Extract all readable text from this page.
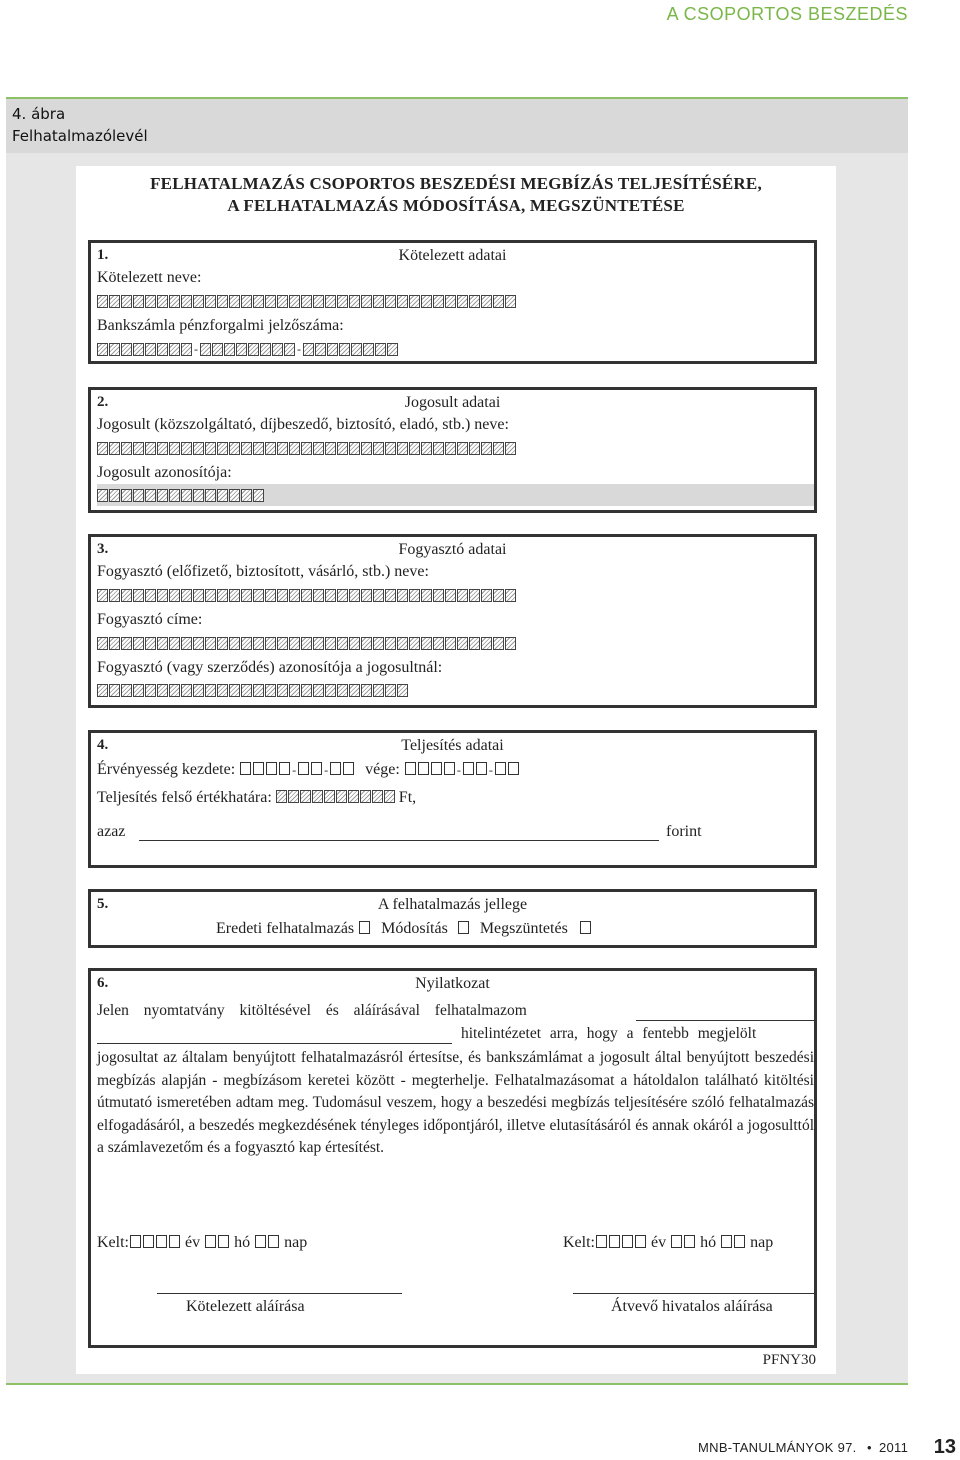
A CSOPORTOS BESZEDÉS
4. ábra
Felhatalmazólevél
FELHATALMAZÁS CSOPORTOS BESZEDÉSI MEGBÍZÁS TELJESÍTÉSÉRE,
A FELHATALMAZÁS MÓDOSÍTÁSA, MEGSZÜNTETÉSE
1.	Kötelezett adatai
Kötelezett neve:
Bankszámla pénzforgalmi jelzőszáma:
-	-
2.	Jogosult adatai
Jogosult (közszolgáltató, díjbeszedő, biztosító, eladó, stb.) neve:
Jogosult azonosítója:
3.	Fogyasztó adatai
Fogyasztó (előfizető, biztosított, vásárló, stb.) neve:
Fogyasztó címe:
Fogyasztó (vagy szerződés) azonosítója a jogosultnál:
4.	Teljesítés adatai
Érvényesség kezdete:	- - vége:	- -
Teljesítés felső értékhatára:	Ft,
azaz	forint
5.	A felhatalmazás jellege
Eredeti felhatalmazás Módosítás Megszüntetés
6.	Nyilatkozat
Jelen nyomtatvány kitöltésével és aláírásával felhatalmazom
hitelintézetet arra, hogy a fentebb megjelölt
jogosultat az általam benyújtott felhatalmazásról értesítse, és bankszámlámat a jogosult által benyújtott beszedési megbízás alapján - megbízásom keretei között - megterhelje. Felhatalmazásomat a hátoldalon található kitöltési útmutató ismeretében adtam meg. Tudomásul veszem, hogy a beszedési megbízás teljesítésére szóló felhatalmazás elfogadásáról, a beszedés megkezdésének tényleges időpontjáról, illetve elutasításáról és annak okáról a jogosulttól a számlavezetőm és a fogyasztó kap értesítést.
Kelt:	év hó nap	Kelt:	év hó nap
Kötelezett aláírása	Átvevő hivatalos aláírása
PFNY30
MNB-TANULMÁNYOK 97. • 2011 13
